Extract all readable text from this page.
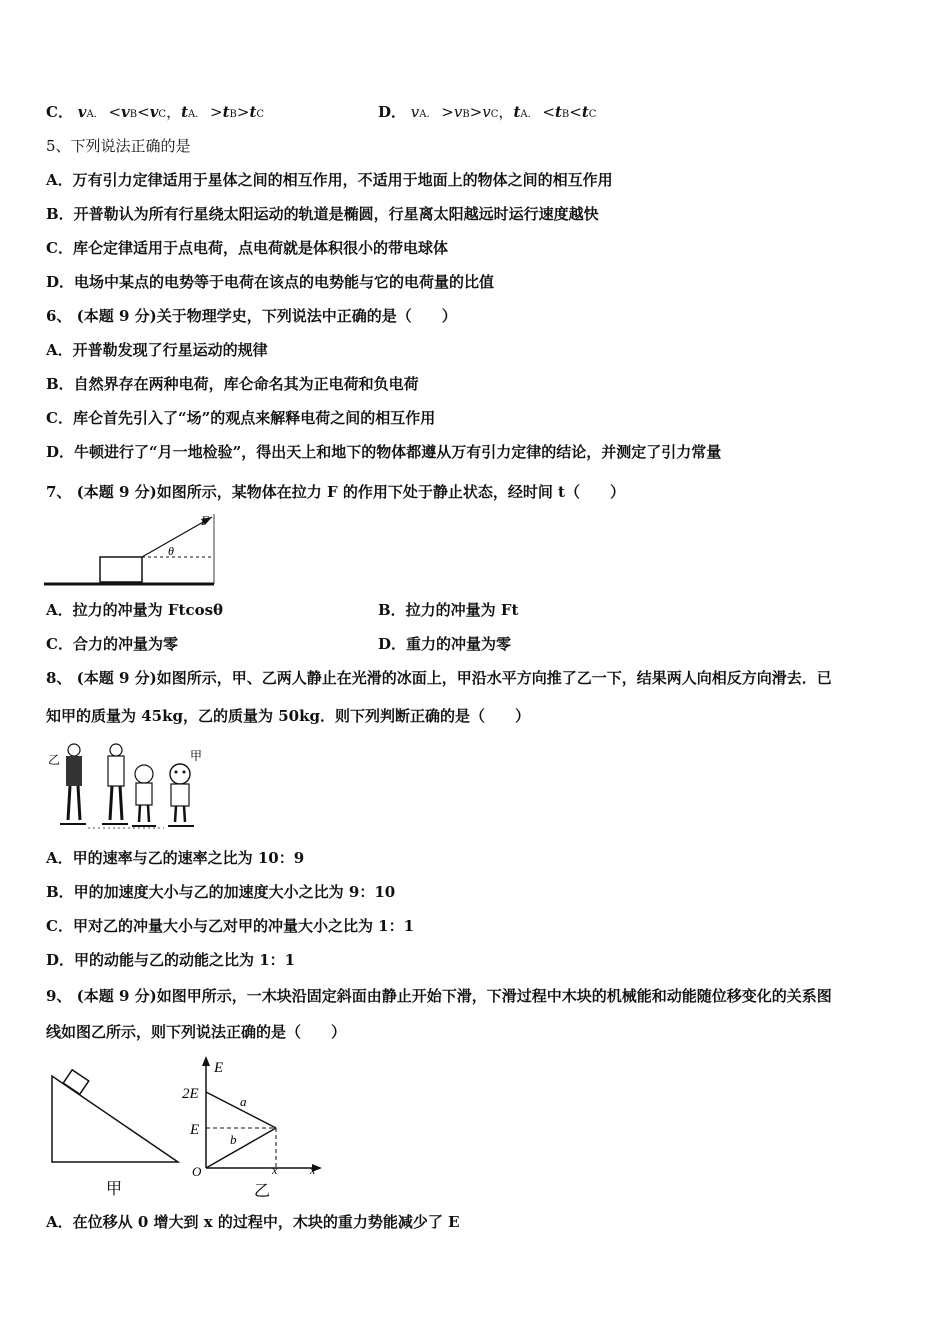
C． vA． <vB<vC，tA． >tB>tC	D． vA． >vB>vC，tA． <tB<tC
5、下列说法正确的是
A．万有引力定律适用于星体之间的相互作用，不适用于地面上的物体之间的相互作用
B．开普勒认为所有行星绕太阳运动的轨道是椭圆，行星离太阳越远时运行速度越快
C．库仑定律适用于点电荷，点电荷就是体积很小的带电球体
D．电场中某点的电势等于电荷在该点的电势能与它的电荷量的比值
6、 (本题 9 分)关于物理学史，下列说法中正确的是（　　）
A．开普勒发现了行星运动的规律
B．自然界存在两种电荷，库仑命名其为正电荷和负电荷
C．库仑首先引入了“场”的观点来解释电荷之间的相互作用
D．牛顿进行了“月一地检验”，得出天上和地下的物体都遵从万有引力定律的结论，并测定了引力常量
7、 (本题 9 分)如图所示，某物体在拉力 F 的作用下处于静止状态，经时间 t（　　）
F
θ
A．拉力的冲量为 Ftcosθ	B．拉力的冲量为 Ft
C．合力的冲量为零	D．重力的冲量为零
8、 (本题 9 分)如图所示，甲、乙两人静止在光滑的冰面上，甲沿水平方向推了乙一下，结果两人向相反方向滑去．已
知甲的质量为 45kg，乙的质量为 50kg．则下列判断正确的是（　　）
乙	甲
A．甲的速率与乙的速率之比为 10：9
B．甲的加速度大小与乙的加速度大小之比为 9：10
C．甲对乙的冲量大小与乙对甲的冲量大小之比为 1：1
D．甲的动能与乙的动能之比为 1：1
9、 (本题 9 分)如图甲所示，一木块沿固定斜面由静止开始下滑，下滑过程中木块的机械能和动能随位移变化的关系图
线如图乙所示，则下列说法正确的是（　　）
甲
E
2E
E
a
b
O	x	x
乙
A．在位移从 0 增大到 x 的过程中，木块的重力势能减少了 E
